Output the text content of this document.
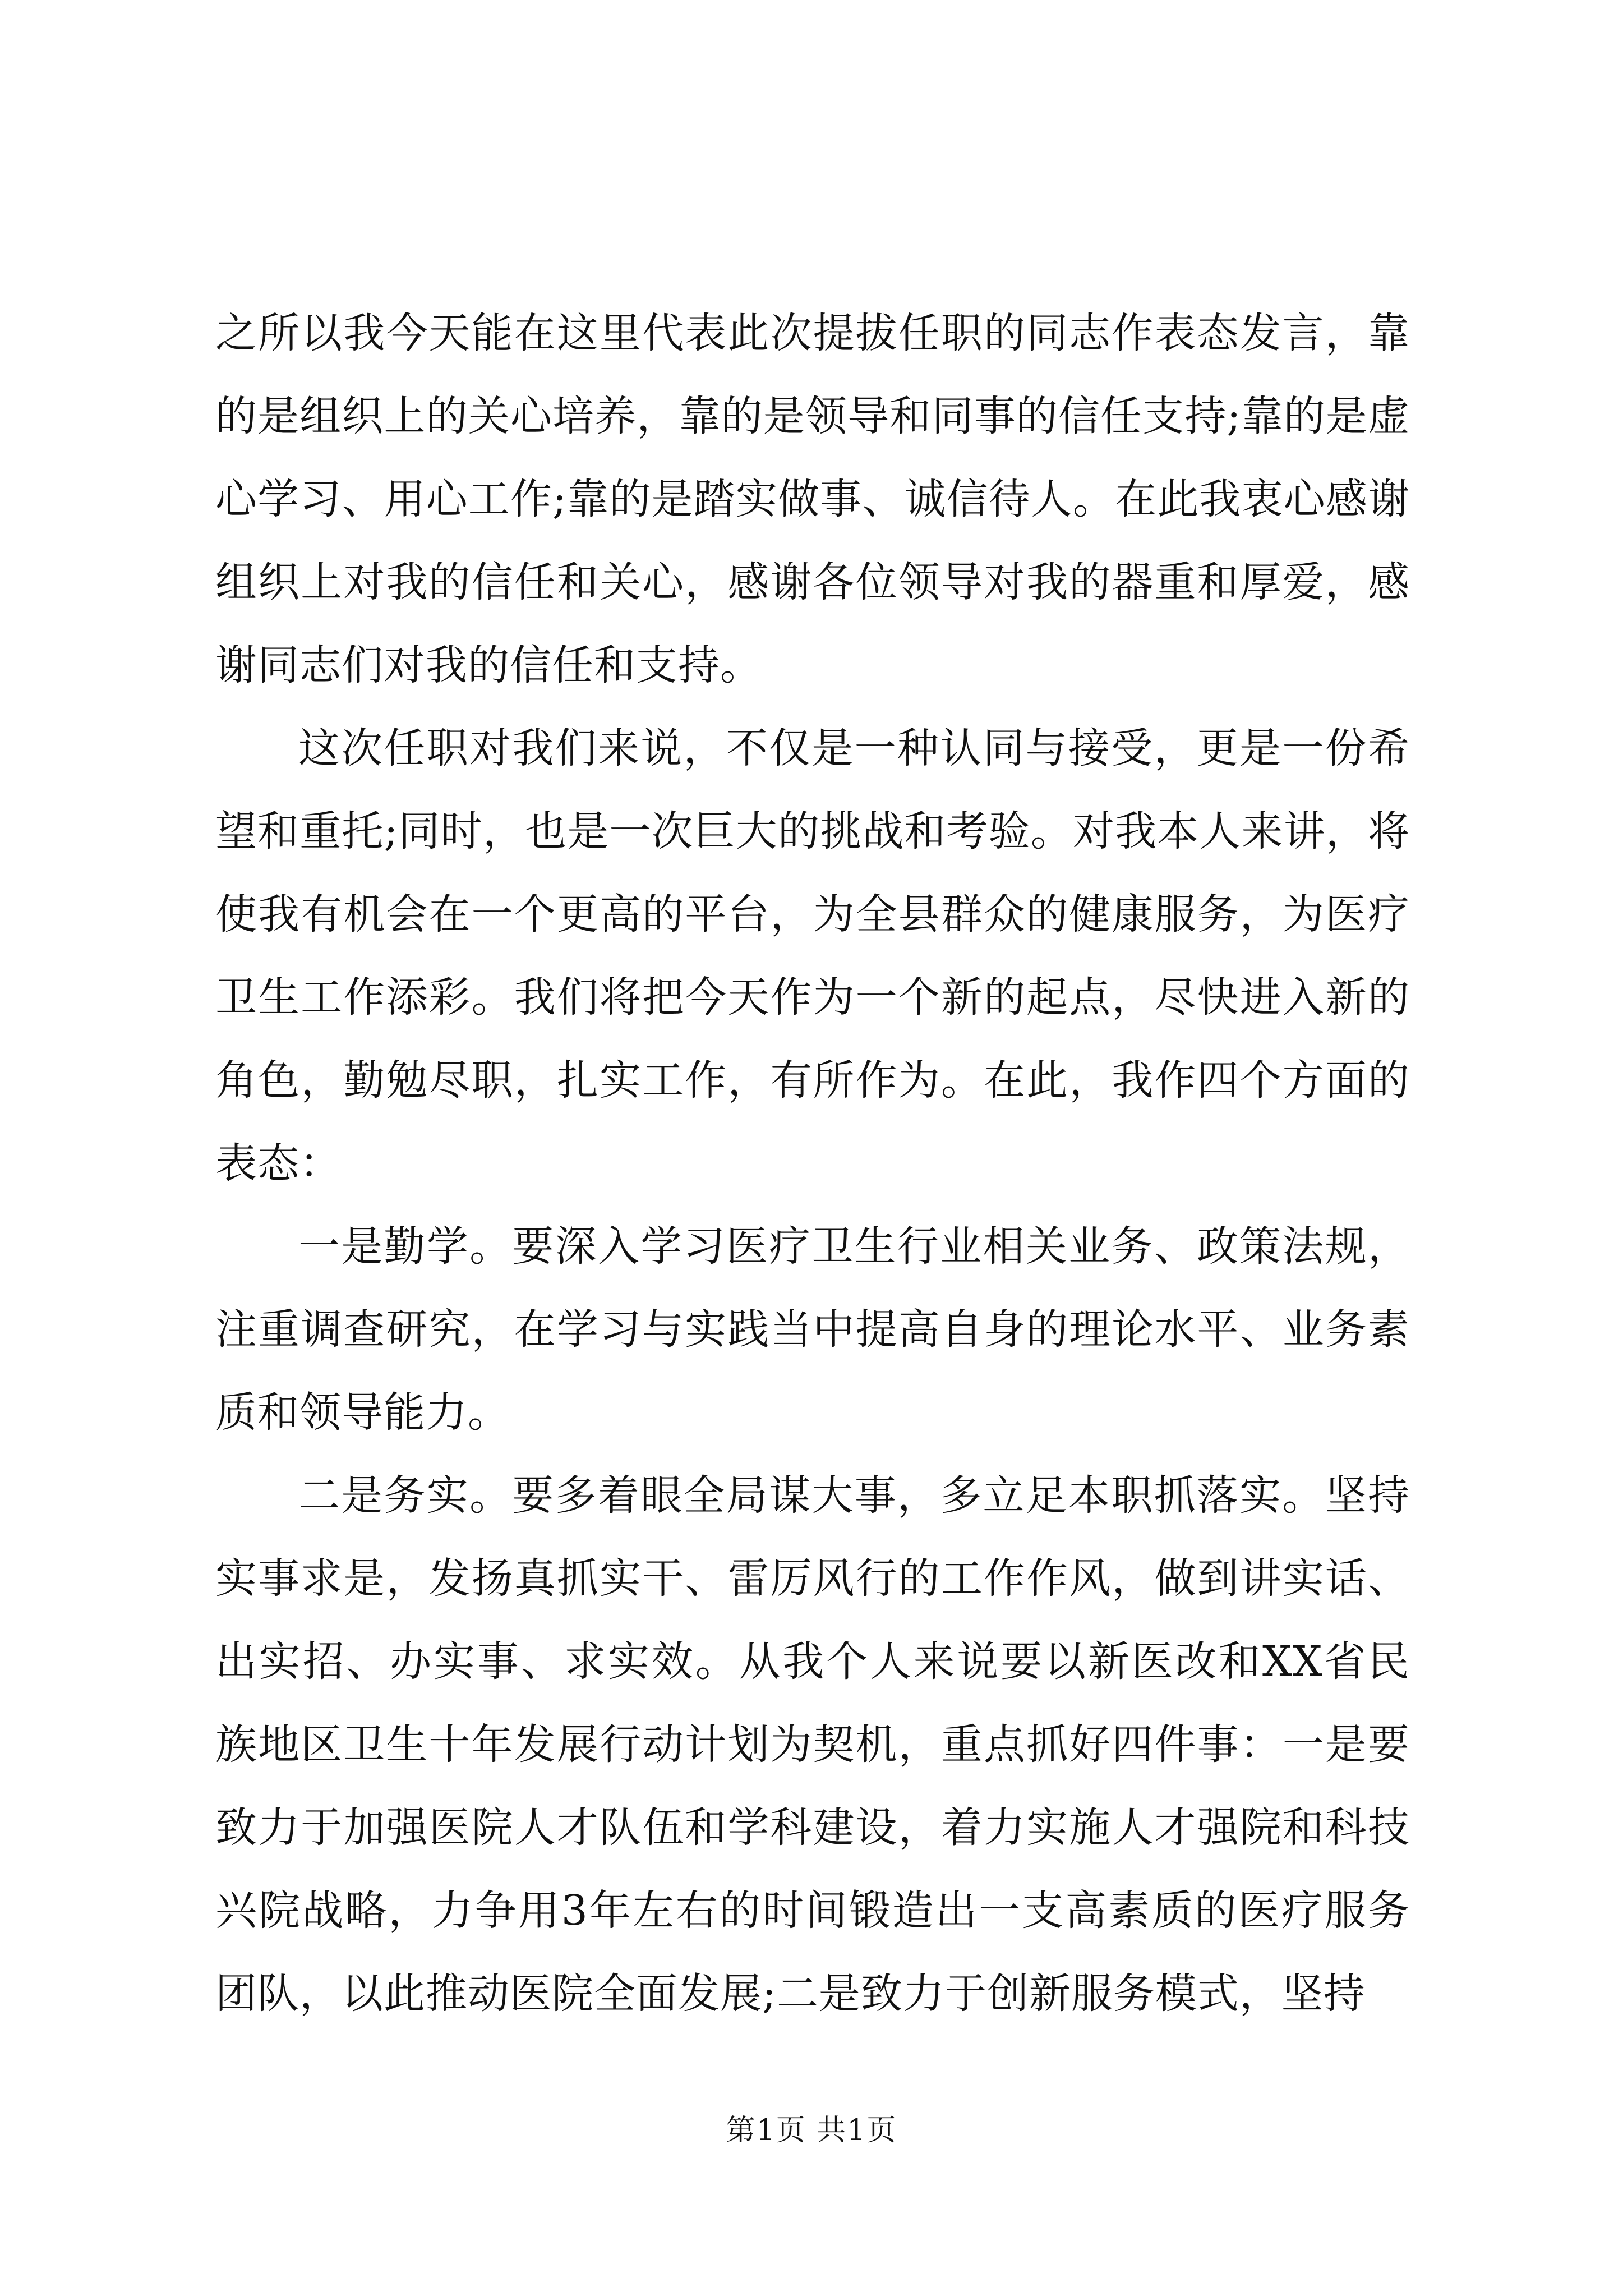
之所以我今天能在这里代表此次提拔任职的同志作表态发言，靠的是组织上的关心培养，靠的是领导和同事的信任支持;靠的是虚心学习、用心工作;靠的是踏实做事、诚信待人。在此我衷心感谢组织上对我的信任和关心，感谢各位领导对我的器重和厚爱，感谢同志们对我的信任和支持。

这次任职对我们来说，不仅是一种认同与接受，更是一份希望和重托;同时，也是一次巨大的挑战和考验。对我本人来讲，将使我有机会在一个更高的平台，为全县群众的健康服务，为医疗卫生工作添彩。我们将把今天作为一个新的起点，尽快进入新的角色，勤勉尽职，扎实工作，有所作为。在此，我作四个方面的表态：

一是勤学。要深入学习医疗卫生行业相关业务、政策法规，注重调查研究，在学习与实践当中提高自身的理论水平、业务素质和领导能力。

二是务实。要多着眼全局谋大事，多立足本职抓落实。坚持实事求是，发扬真抓实干、雷厉风行的工作作风，做到讲实话、出实招、办实事、求实效。从我个人来说要以新医改和XX省民族地区卫生十年发展行动计划为契机，重点抓好四件事：一是要致力于加强医院人才队伍和学科建设，着力实施人才强院和科技兴院战略，力争用3年左右的时间锻造出一支高素质的医疗服务团队，以此推动医院全面发展;二是致力于创新服务模式，坚持

第1页 共1页
